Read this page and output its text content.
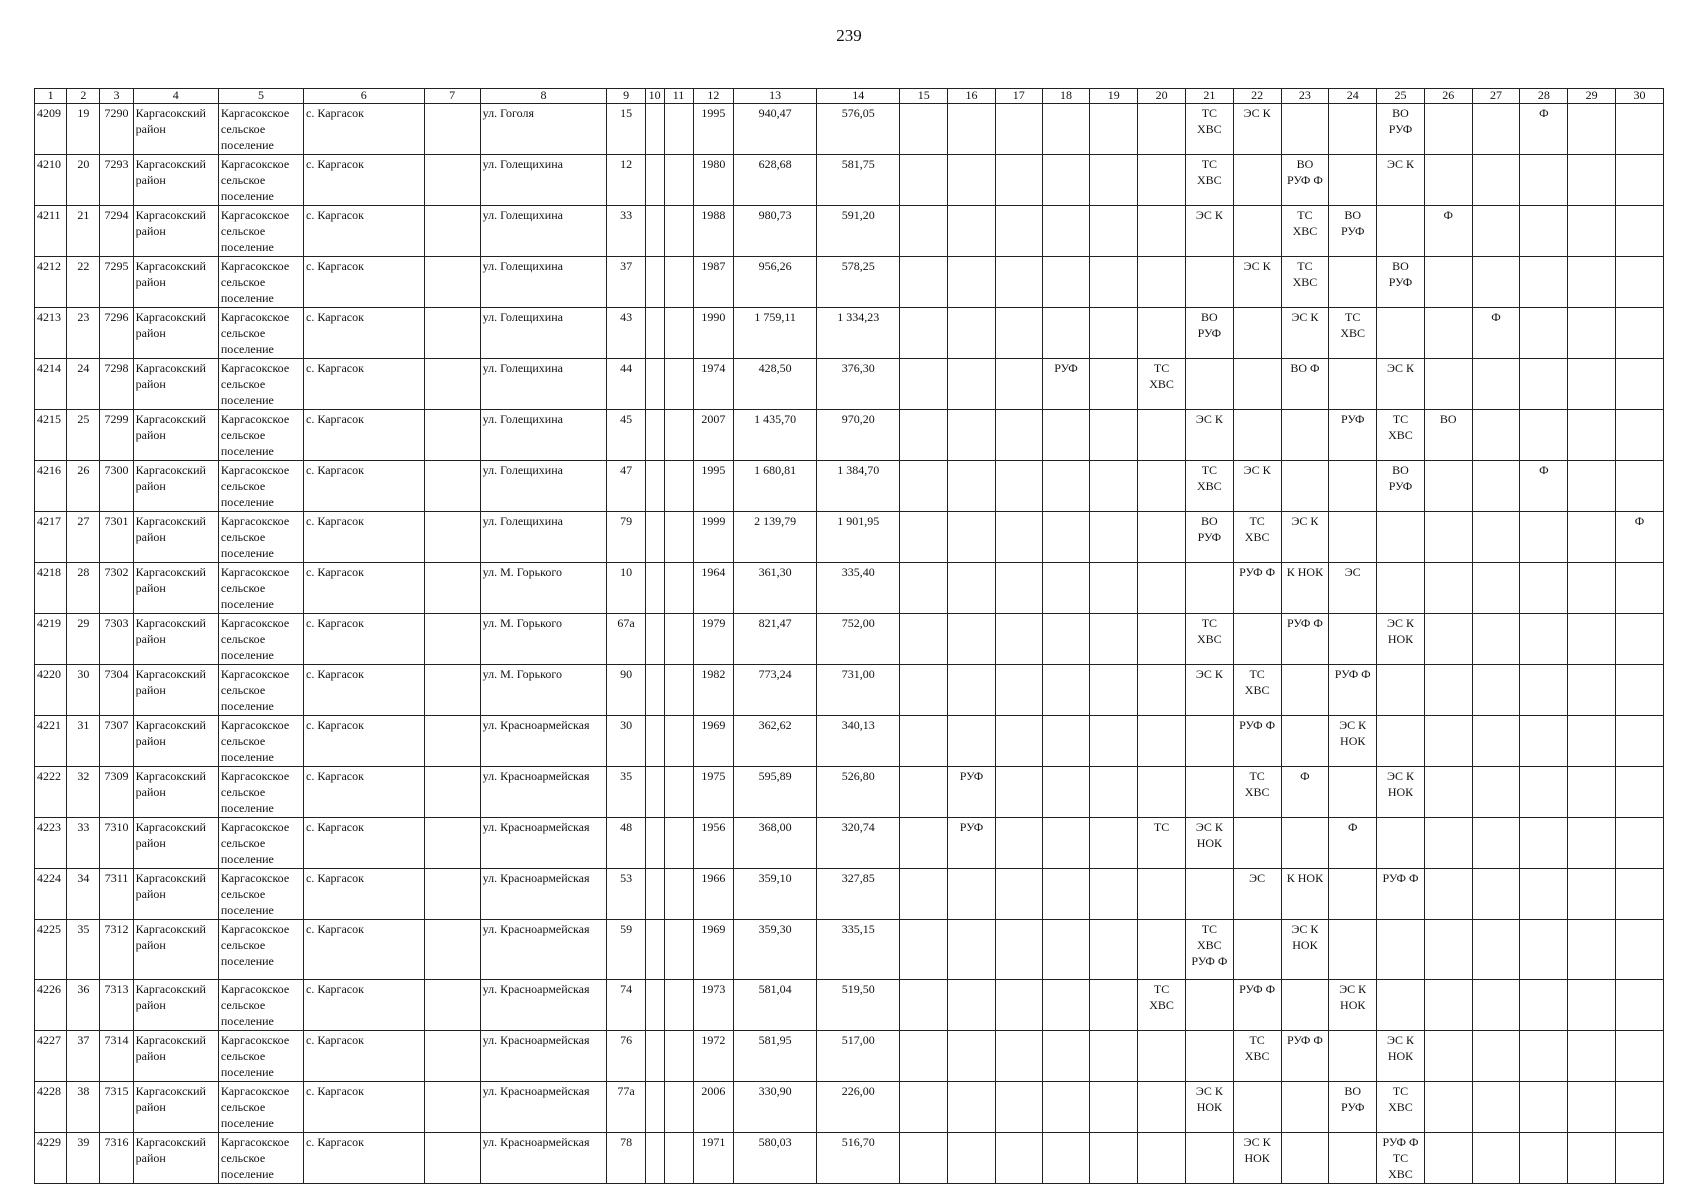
239
1	2	3	4	5	6	7	8	9	10	11	12	13	14	15	16	17	18	19	20	21	22	23	24	25	26	27	28	29	30
4209	19	7290	Каргасокский район	Каргасокское сельское поселение	с. Каргасок		ул. Гоголя	15			1995	940,47	576,05							ТС ХВС	ЭС К			ВО РУФ			Ф		
4210	20	7293	Каргасокский район	Каргасокское сельское поселение	с. Каргасок		ул. Голещихина	12			1980	628,68	581,75							ТС ХВС		ВО РУФ Ф		ЭС К					
4211	21	7294	Каргасокский район	Каргасокское сельское поселение	с. Каргасок		ул. Голещихина	33			1988	980,73	591,20							ЭС К		ТС ХВС	ВО РУФ		Ф				
4212	22	7295	Каргасокский район	Каргасокское сельское поселение	с. Каргасок		ул. Голещихина	37			1987	956,26	578,25								ЭС К	ТС ХВС		ВО РУФ					
4213	23	7296	Каргасокский район	Каргасокское сельское поселение	с. Каргасок		ул. Голещихина	43			1990	1 759,11	1 334,23							ВО РУФ		ЭС К	ТС ХВС			Ф			
4214	24	7298	Каргасокский район	Каргасокское сельское поселение	с. Каргасок		ул. Голещихина	44			1974	428,50	376,30				РУФ		ТС ХВС			ВО Ф		ЭС К					
4215	25	7299	Каргасокский район	Каргасокское сельское поселение	с. Каргасок		ул. Голещихина	45			2007	1 435,70	970,20							ЭС К			РУФ	ТС ХВС	ВО				
4216	26	7300	Каргасокский район	Каргасокское сельское поселение	с. Каргасок		ул. Голещихина	47			1995	1 680,81	1 384,70							ТС ХВС	ЭС К			ВО РУФ			Ф		
4217	27	7301	Каргасокский район	Каргасокское сельское поселение	с. Каргасок		ул. Голещихина	79			1999	2 139,79	1 901,95							ВО РУФ	ТС ХВС	ЭС К							Ф
4218	28	7302	Каргасокский район	Каргасокское сельское поселение	с. Каргасок		ул. М. Горького	10			1964	361,30	335,40								РУФ Ф	К НОК	ЭС						
4219	29	7303	Каргасокский район	Каргасокское сельское поселение	с. Каргасок		ул. М. Горького	67а			1979	821,47	752,00							ТС ХВС		РУФ Ф		ЭС К НОК					
4220	30	7304	Каргасокский район	Каргасокское сельское поселение	с. Каргасок		ул. М. Горького	90			1982	773,24	731,00							ЭС К	ТС ХВС		РУФ Ф						
4221	31	7307	Каргасокский район	Каргасокское сельское поселение	с. Каргасок		ул. Красноармейская	30			1969	362,62	340,13								РУФ Ф		ЭС К НОК						
4222	32	7309	Каргасокский район	Каргасокское сельское поселение	с. Каргасок		ул. Красноармейская	35			1975	595,89	526,80		РУФ						ТС ХВС	Ф		ЭС К НОК					
4223	33	7310	Каргасокский район	Каргасокское сельское поселение	с. Каргасок		ул. Красноармейская	48			1956	368,00	320,74		РУФ				ТС	ЭС К НОК			Ф						
4224	34	7311	Каргасокский район	Каргасокское сельское поселение	с. Каргасок		ул. Красноармейская	53			1966	359,10	327,85								ЭС	К НОК		РУФ Ф					
4225	35	7312	Каргасокский район	Каргасокское сельское поселение	с. Каргасок		ул. Красноармейская	59			1969	359,30	335,15							ТС ХВС РУФ Ф		ЭС К НОК							
4226	36	7313	Каргасокский район	Каргасокское сельское поселение	с. Каргасок		ул. Красноармейская	74			1973	581,04	519,50						ТС ХВС		РУФ Ф		ЭС К НОК						
4227	37	7314	Каргасокский район	Каргасокское сельское поселение	с. Каргасок		ул. Красноармейская	76			1972	581,95	517,00								ТС ХВС	РУФ Ф		ЭС К НОК					
4228	38	7315	Каргасокский район	Каргасокское сельское поселение	с. Каргасок		ул. Красноармейская	77а			2006	330,90	226,00							ЭС К НОК			ВО РУФ	ТС ХВС					
4229	39	7316	Каргасокский район	Каргасокское сельское поселение	с. Каргасок		ул. Красноармейская	78			1971	580,03	516,70								ЭС К НОК			РУФ Ф ТС ХВС					
